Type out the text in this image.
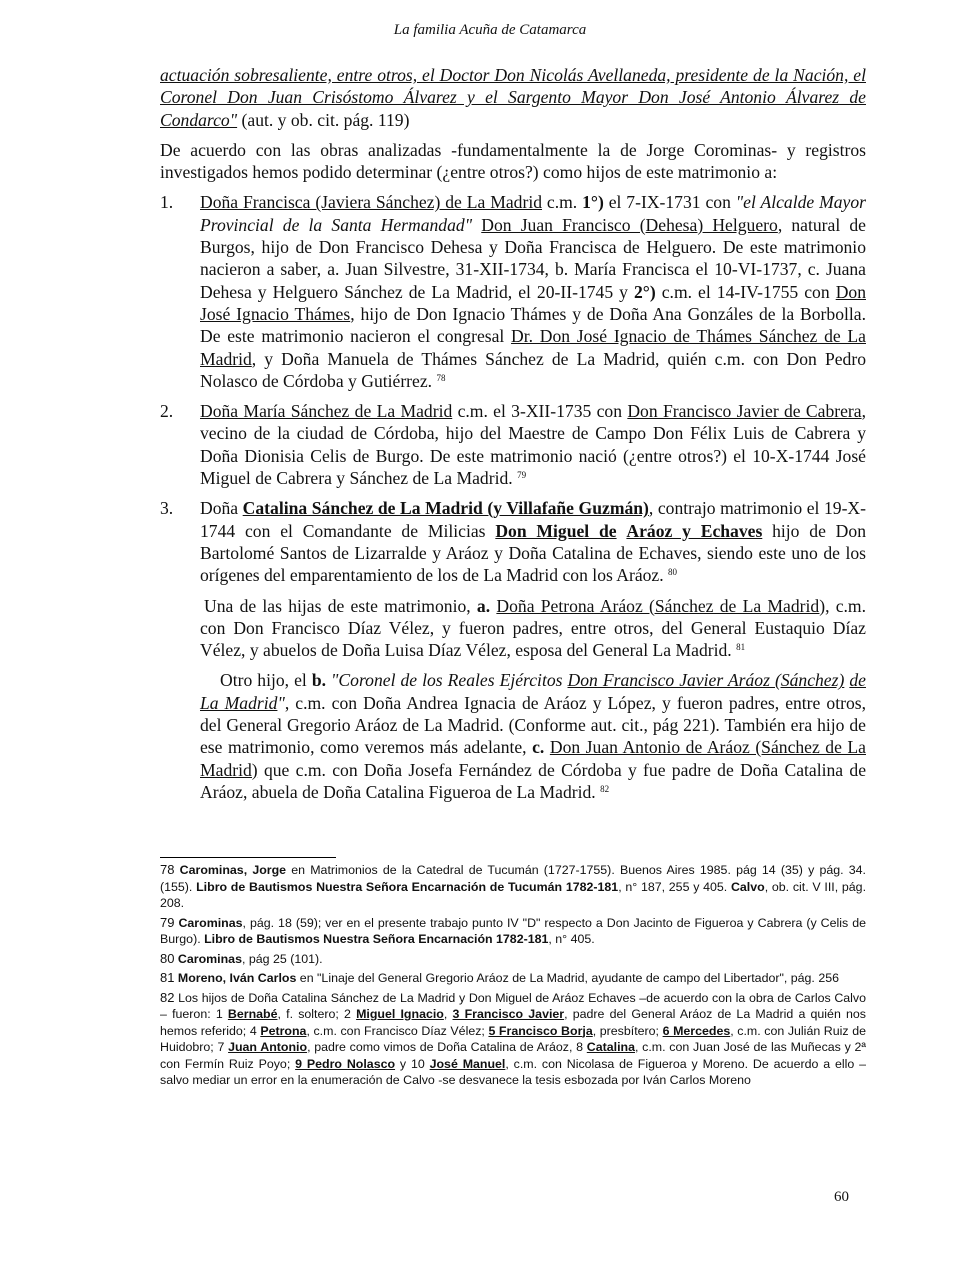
La familia Acuña de Catamarca

actuación sobresaliente, entre otros, el Doctor Don Nicolás Avellaneda, presidente de la Nación, el Coronel Don Juan Crisóstomo Álvarez y el Sargento Mayor Don José Antonio Álvarez de Condarco" (aut. y ob. cit. pág. 119)

De acuerdo con las obras analizadas -fundamentalmente la de Jorge Corominas- y registros investigados hemos podido determinar (¿entre otros?) como hijos de este matrimonio a:

1. Doña Francisca (Javiera Sánchez) de La Madrid c.m. 1°) el 7-IX-1731 con "el Alcalde Mayor Provincial de la Santa Hermandad" Don Juan Francisco (Dehesa) Helguero, natural de Burgos, hijo de Don Francisco Dehesa y Doña Francisca de Helguero. De este matrimonio nacieron a saber, a. Juan Silvestre, 31-XII-1734, b. María Francisca el 10-VI-1737, c. Juana Dehesa y Helguero Sánchez de La Madrid, el 20-II-1745 y 2°) c.m. el 14-IV-1755 con Don José Ignacio Thámes, hijo de Don Ignacio Thámes y de Doña Ana Gonzáles de la Borbolla. De este matrimonio nacieron el congresal Dr. Don José Ignacio de Thámes Sánchez de La Madrid, y Doña Manuela de Thámes Sánchez de La Madrid, quién c.m. con Don Pedro Nolasco de Córdoba y Gutiérrez. $^{78}$
2. Doña María Sánchez de La Madrid c.m. el 3-XII-1735 con Don Francisco Javier de Cabrera, vecino de la ciudad de Córdoba, hijo del Maestre de Campo Don Félix Luis de Cabrera y Doña Dionisia Celis de Burgo. De este matrimonio nació (¿entre otros?) el 10-X-1744 José Miguel de Cabrera y Sánchez de La Madrid. $^{79}$
3. Doña Catalina Sánchez de La Madrid (y Villafañe Guzmán), contrajo matrimonio el 19-X-1744 con el Comandante de Milicias Don Miguel de Aráoz y Echaves hijo de Don Bartolomé Santos de Lizarralde y Aráoz y Doña Catalina de Echaves, siendo este uno de los orígenes del emparentamiento de los de La Madrid con los Aráoz. $^{80}$

Una de las hijas de este matrimonio, a. Doña Petrona Aráoz (Sánchez de La Madrid), c.m. con Don Francisco Díaz Vélez, y fueron padres, entre otros, del General Eustaquio Díaz Vélez, y abuelos de Doña Luisa Díaz Vélez, esposa del General La Madrid. $^{81}$

Otro hijo, el b. "Coronel de los Reales Ejércitos Don Francisco Javier Aráoz (Sánchez) de La Madrid", c.m. con Doña Andrea Ignacia de Aráoz y López, y fueron padres, entre otros, del General Gregorio Aráoz de La Madrid. (Conforme aut. cit., pág 221). También era hijo de ese matrimonio, como veremos más adelante, c. Don Juan Antonio de Aráoz (Sánchez de La Madrid) que c.m. con Doña Josefa Fernández de Córdoba y fue padre de Doña Catalina de Aráoz, abuela de Doña Catalina Figueroa de La Madrid. $^{82}$

78 Carominas, Jorge en Matrimonios de la Catedral de Tucumán (1727-1755). Buenos Aires 1985. pág 14 (35) y pág. 34. (155). Libro de Bautismos Nuestra Señora Encarnación de Tucumán 1782-181, n° 187, 255 y 405. Calvo, ob. cit. V III, pág. 208.

79 Carominas, pág. 18 (59); ver en el presente trabajo punto IV "D" respecto a Don Jacinto de Figueroa y Cabrera (y Celis de Burgo). Libro de Bautismos Nuestra Señora Encarnación 1782-181, n° 405.

80 Carominas, pág 25 (101).

81 Moreno, Iván Carlos en "Linaje del General Gregorio Aráoz de La Madrid, ayudante de campo del Libertador", pág. 256

82 Los hijos de Doña Catalina Sánchez de La Madrid y Don Miguel de Aráoz Echaves –de acuerdo con la obra de Carlos Calvo – fueron: 1 Bernabé, f. soltero; 2 Miguel Ignacio, 3 Francisco Javier, padre del General Aráoz de La Madrid a quién nos hemos referido; 4 Petrona, c.m. con Francisco Díaz Vélez; 5 Francisco Borja, presbítero; 6 Mercedes, c.m. con Julián Ruiz de Huidobro; 7 Juan Antonio, padre como vimos de Doña Catalina de Aráoz, 8 Catalina, c.m. con Juan José de las Muñecas y 2ª con Fermín Ruiz Poyo; 9 Pedro Nolasco y 10 José Manuel, c.m. con Nicolasa de Figueroa y Moreno. De acuerdo a ello – salvo mediar un error en la enumeración de Calvo -se desvanece la tesis esbozada por Iván Carlos Moreno

60
